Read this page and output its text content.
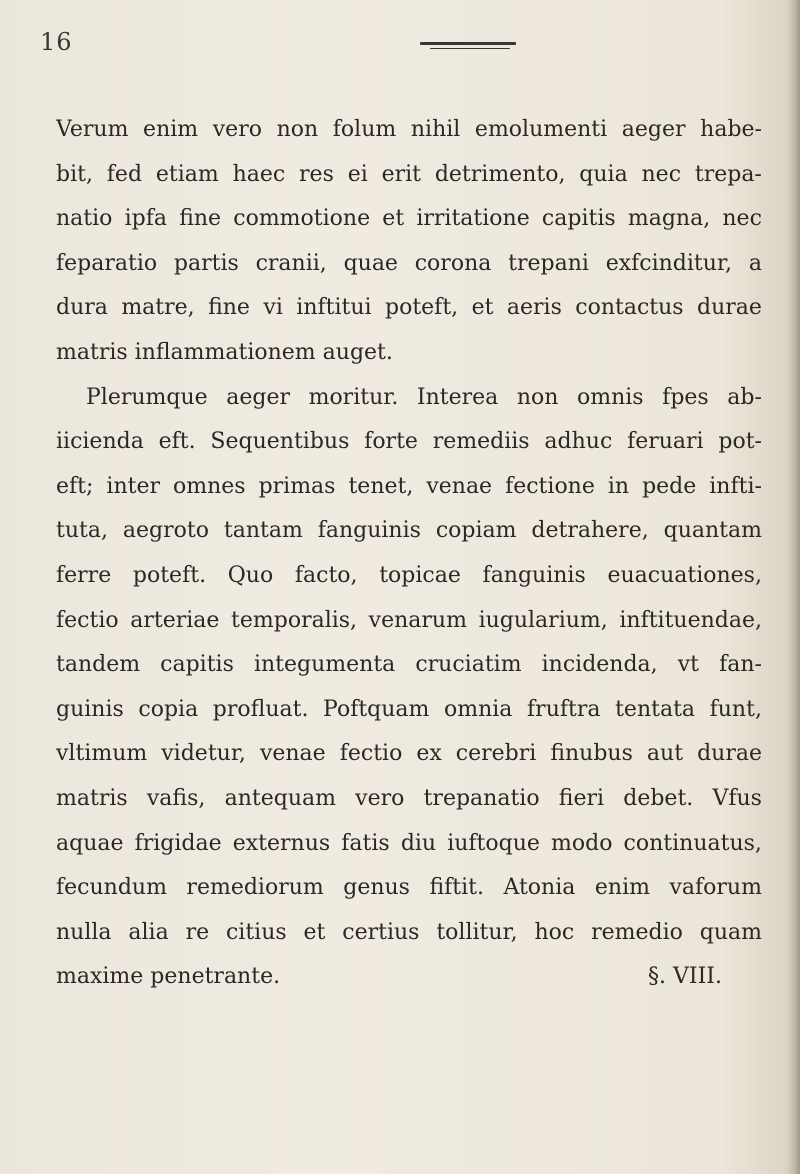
16
Verum enim vero non folum nihil emolumenti aeger habe-
bit, fed etiam haec res ei erit detrimento, quia nec trepa-
natio ipfa fine commotione et irritatione capitis magna, nec
feparatio partis cranii, quae corona trepani exfcinditur, a
dura matre, fine vi inftitui poteft, et aeris contactus durae
matris inflammationem auget.
Plerumque aeger moritur. Interea non omnis fpes ab-
iicienda eft. Sequentibus forte remediis adhuc feruari pot-
eft; inter omnes primas tenet, venae fectione in pede infti-
tuta, aegroto tantam fanguinis copiam detrahere, quantam
ferre poteft. Quo facto, topicae fanguinis euacuationes,
fectio arteriae temporalis, venarum iugularium, inftituendae,
tandem capitis integumenta cruciatim incidenda, vt fan-
guinis copia profluat. Poftquam omnia fruftra tentata funt,
vltimum videtur, venae fectio ex cerebri finubus aut durae
matris vafis, antequam vero trepanatio fieri debet. Vfus
aquae frigidae externus fatis diu iuftoque modo continuatus,
fecundum remediorum genus fiftit. Atonia enim vaforum
nulla alia re citius et certius tollitur, hoc remedio quam
maxime penetrante.	§. VIII.
